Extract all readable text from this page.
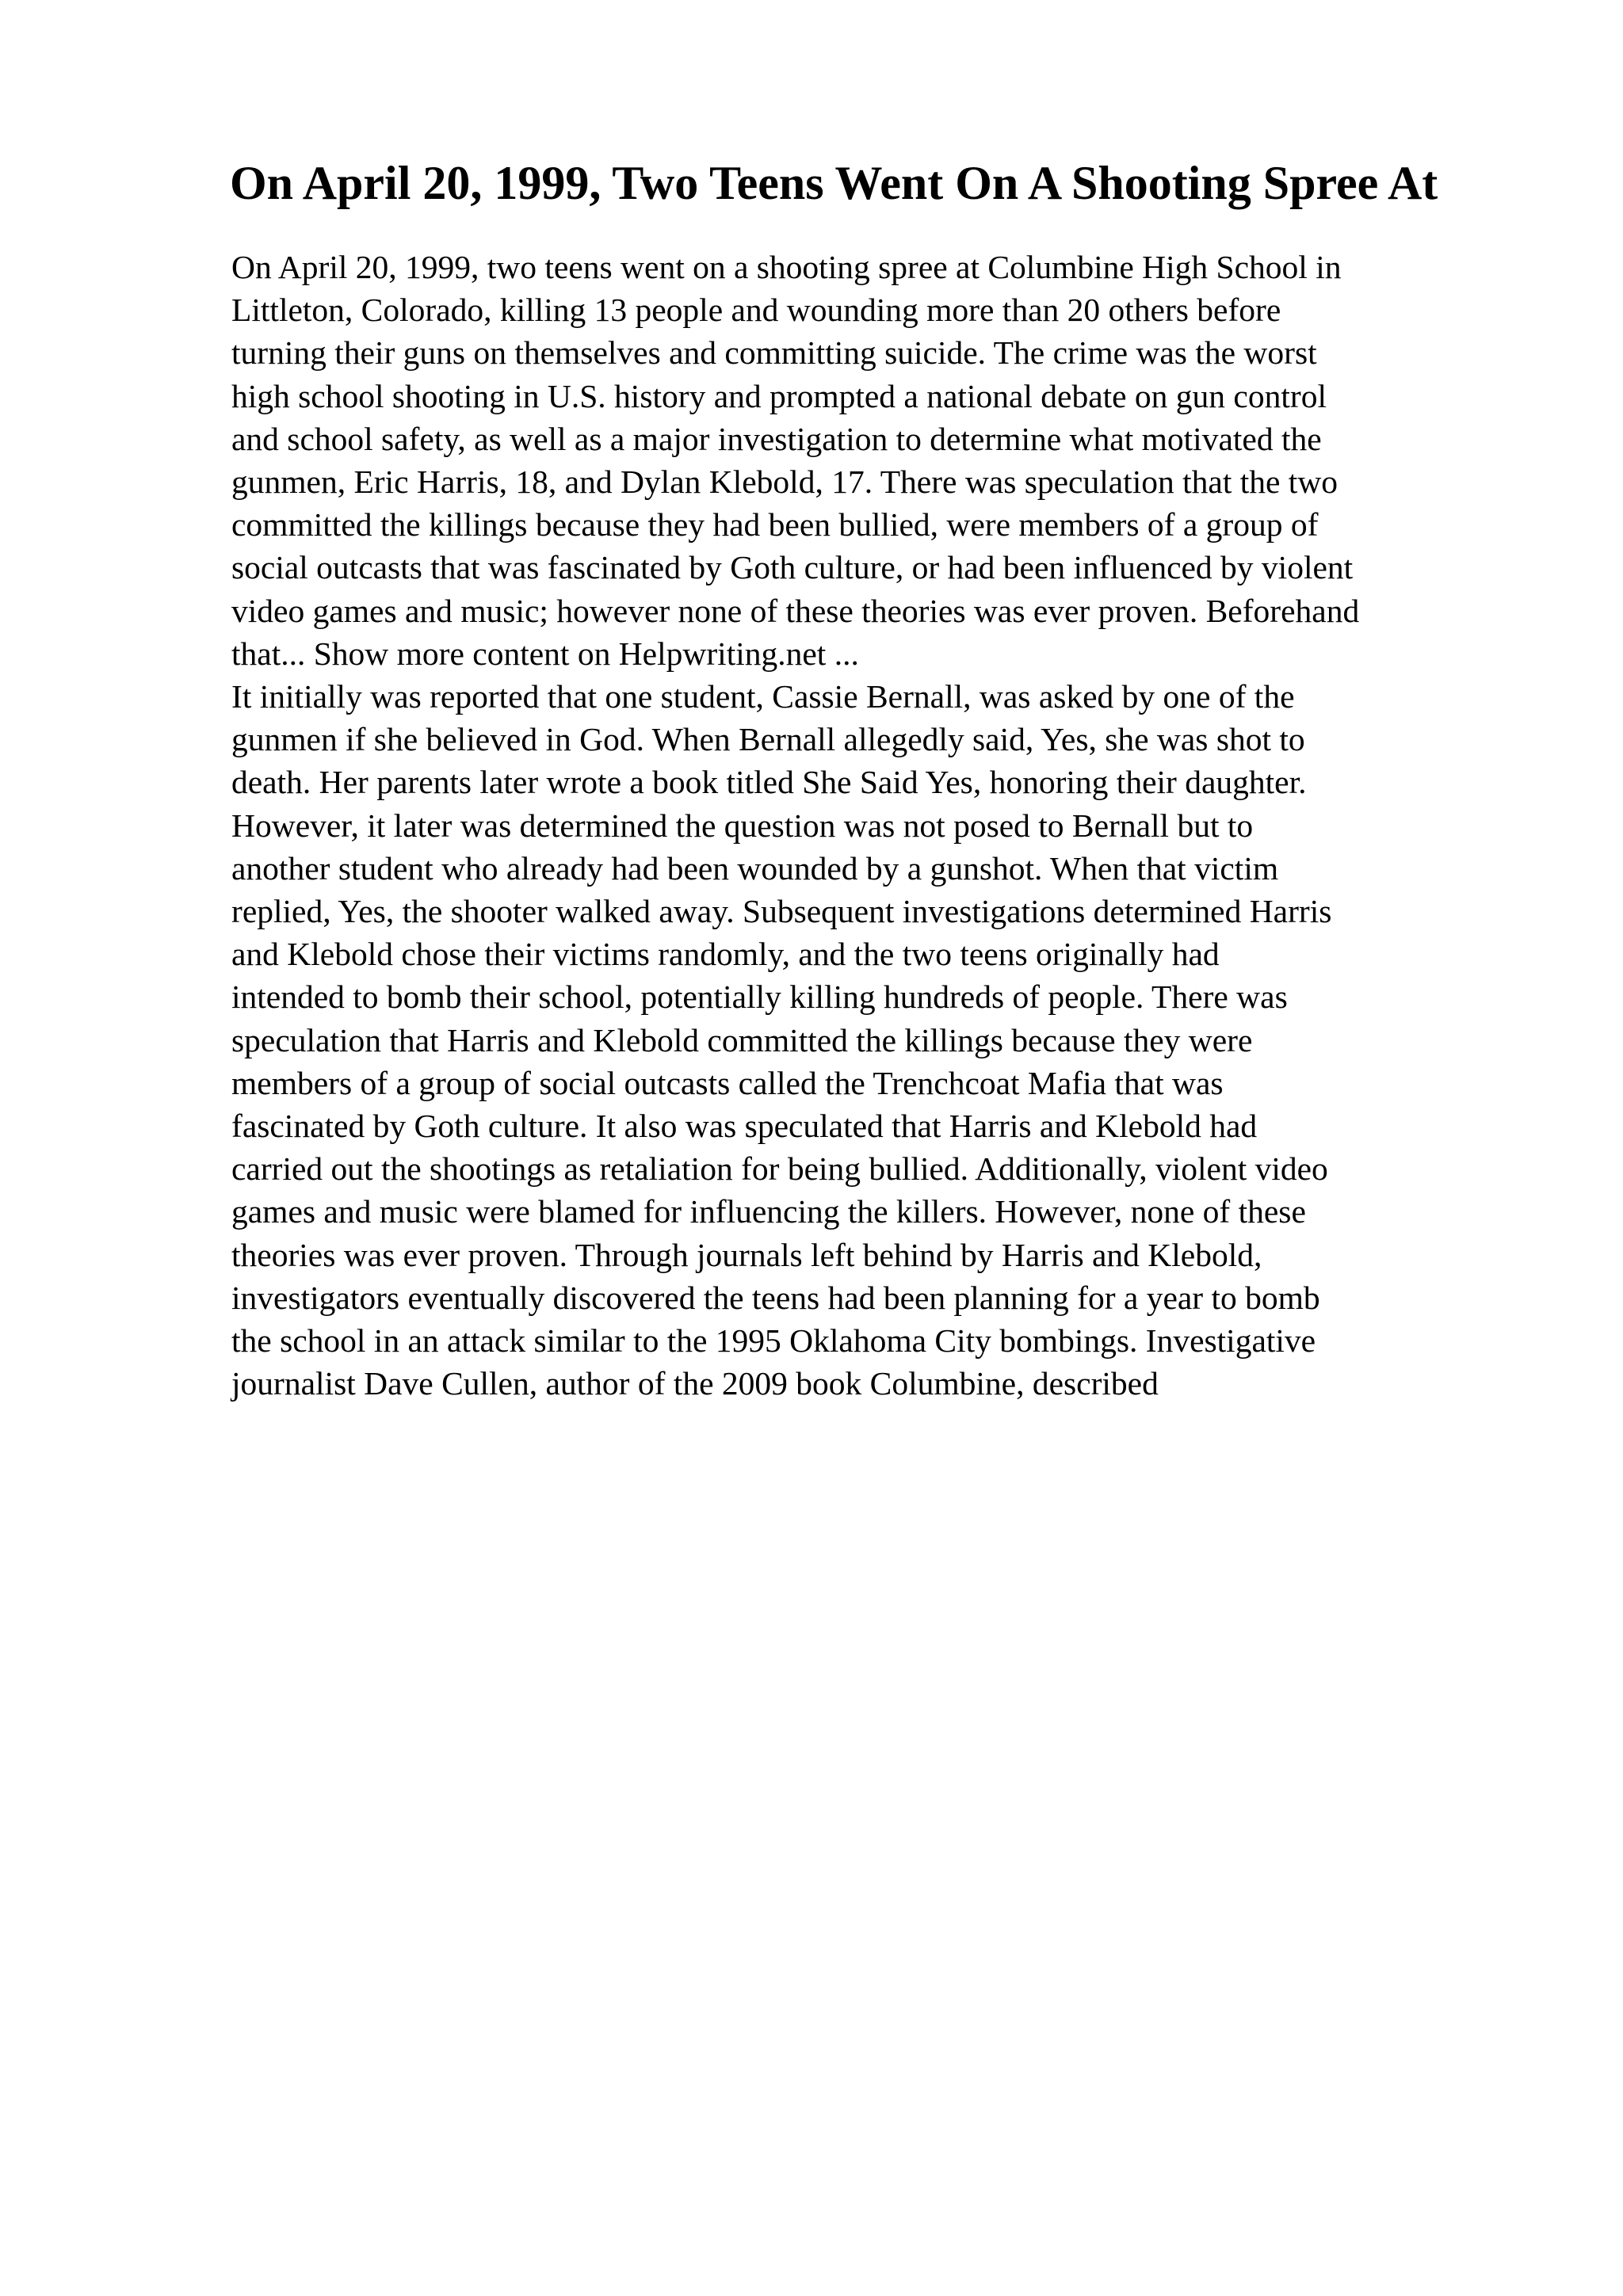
On April 20, 1999, Two Teens Went On A Shooting Spree At
On April 20, 1999, two teens went on a shooting spree at Columbine High School in
Littleton, Colorado, killing 13 people and wounding more than 20 others before
turning their guns on themselves and committing suicide. The crime was the worst
high school shooting in U.S. history and prompted a national debate on gun control
and school safety, as well as a major investigation to determine what motivated the
gunmen, Eric Harris, 18, and Dylan Klebold, 17. There was speculation that the two
committed the killings because they had been bullied, were members of a group of
social outcasts that was fascinated by Goth culture, or had been influenced by violent
video games and music; however none of these theories was ever proven. Beforehand
that... Show more content on Helpwriting.net ...
It initially was reported that one student, Cassie Bernall, was asked by one of the
gunmen if she believed in God. When Bernall allegedly said, Yes, she was shot to
death. Her parents later wrote a book titled She Said Yes, honoring their daughter.
However, it later was determined the question was not posed to Bernall but to
another student who already had been wounded by a gunshot. When that victim
replied, Yes, the shooter walked away. Subsequent investigations determined Harris
and Klebold chose their victims randomly, and the two teens originally had
intended to bomb their school, potentially killing hundreds of people. There was
speculation that Harris and Klebold committed the killings because they were
members of a group of social outcasts called the Trenchcoat Mafia that was
fascinated by Goth culture. It also was speculated that Harris and Klebold had
carried out the shootings as retaliation for being bullied. Additionally, violent video
games and music were blamed for influencing the killers. However, none of these
theories was ever proven. Through journals left behind by Harris and Klebold,
investigators eventually discovered the teens had been planning for a year to bomb
the school in an attack similar to the 1995 Oklahoma City bombings. Investigative
journalist Dave Cullen, author of the 2009 book Columbine, described
